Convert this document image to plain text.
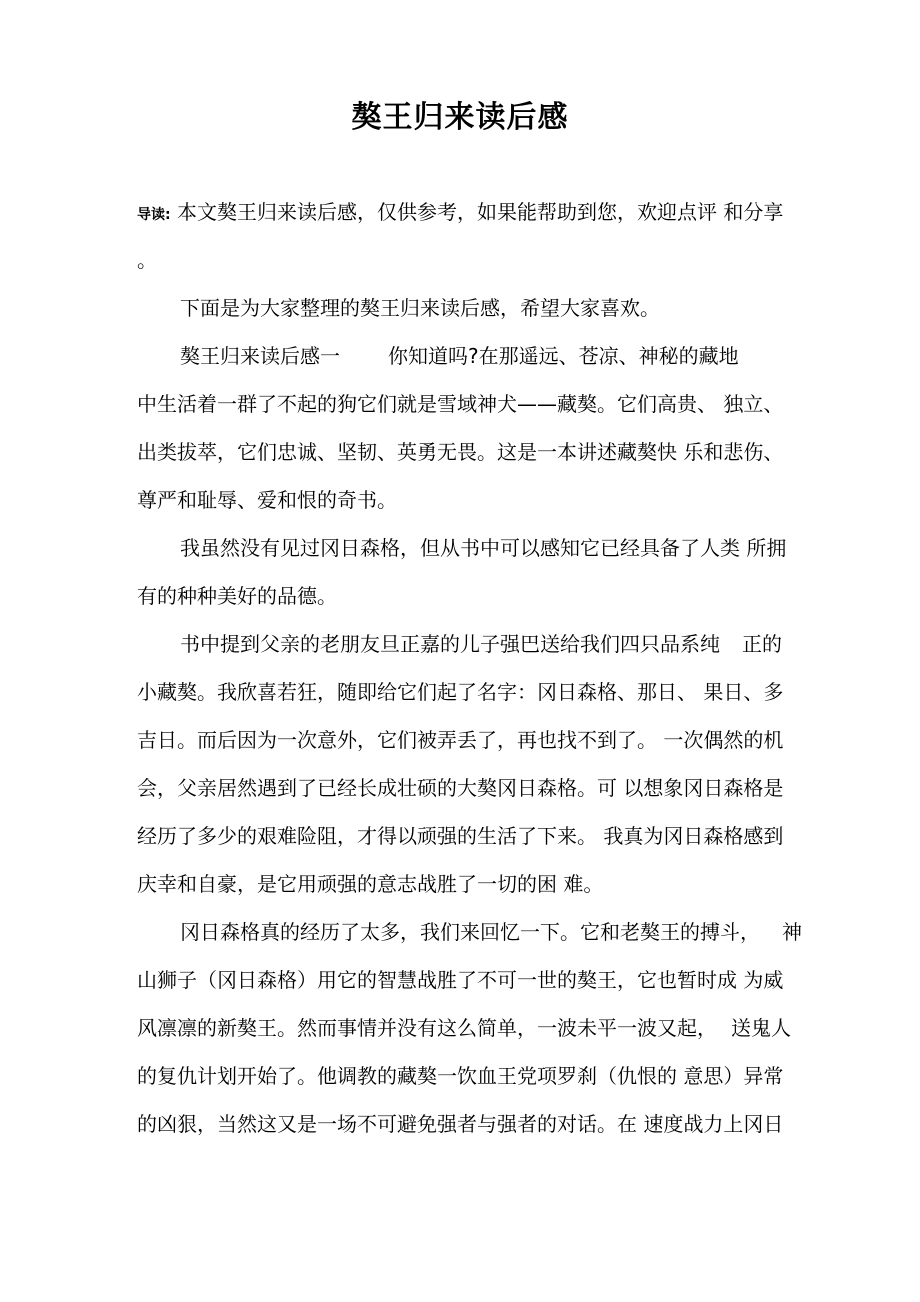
獒王归来读后感
导读: 本文獒王归来读后感，仅供参考，如果能帮助到您，欢迎点评 和分享
。
下面是为大家整理的獒王归来读后感，希望大家喜欢。
獒王归来读后感一 你知道吗?在那遥远、苍凉、神秘的藏地
中生活着一群了不起的狗它们就是雪域神犬——藏獒。它们高贵、 独立、
出类拔萃，它们忠诚、坚韧、英勇无畏。这是一本讲述藏獒快 乐和悲伤、
尊严和耻辱、爱和恨的奇书。
我虽然没有见过冈日森格，但从书中可以感知它已经具备了人类 所拥
有的种种美好的品德。
书中提到父亲的老朋友旦正嘉的儿子强巴送给我们四只品系纯 正的
小藏獒。我欣喜若狂，随即给它们起了名字：冈日森格、那日、 果日、多
吉日。而后因为一次意外，它们被弄丢了，再也找不到了。 一次偶然的机
会，父亲居然遇到了已经长成壮硕的大獒冈日森格。可 以想象冈日森格是
经历了多少的艰难险阻，才得以顽强的生活了下来。 我真为冈日森格感到
庆幸和自豪，是它用顽强的意志战胜了一切的困 难。
冈日森格真的经历了太多，我们来回忆一下。它和老獒王的搏斗， 神
山狮子（冈日森格）用它的智慧战胜了不可一世的獒王，它也暂时成 为威
风凛凛的新獒王。然而事情并没有这么简单，一波未平一波又起， 送鬼人
的复仇计划开始了。他调教的藏獒一饮血王党项罗刹（仇恨的 意思）异常
的凶狠，当然这又是一场不可避免强者与强者的对话。在 速度战力上冈日
